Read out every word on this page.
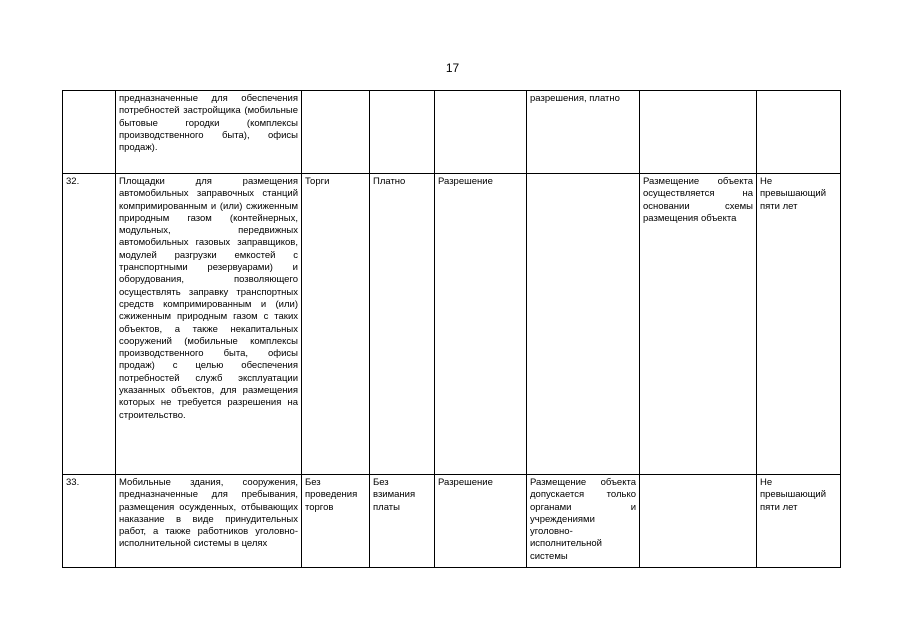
17
	предназначенные для обеспечения потребностей застройщика (мобильные бытовые городки (комплексы производственного быта), офисы продаж).				разрешения, платно		
32.	Площадки для размещения автомобильных заправочных станций компримированным и (или) сжиженным природным газом (контейнерных, модульных, передвижных автомобильных газовых заправщиков, модулей разгрузки емкостей с транспортными резервуарами) и оборудования, позволяющего осуществлять заправку транспортных средств компримированным и (или) сжиженным природным газом с таких объектов, а также некапитальных сооружений (мобильные комплексы производственного быта, офисы продаж) с целью обеспечения потребностей служб эксплуатации указанных объектов, для размещения которых не требуется разрешения на строительство.	Торги	Платно	Разрешение		Размещение объекта осуществляется на основании схемы размещения объекта	Не превышающий пяти лет
33.	Мобильные здания, сооружения, предназначенные для пребывания, размещения осужденных, отбывающих наказание в виде принудительных работ, а также работников уголовно-исполнительной системы в целях	Без проведения торгов	Без взимания платы	Разрешение	Размещение объекта допускается только органами и учреждениями уголовно-исполнительной системы		Не превышающий пяти лет
